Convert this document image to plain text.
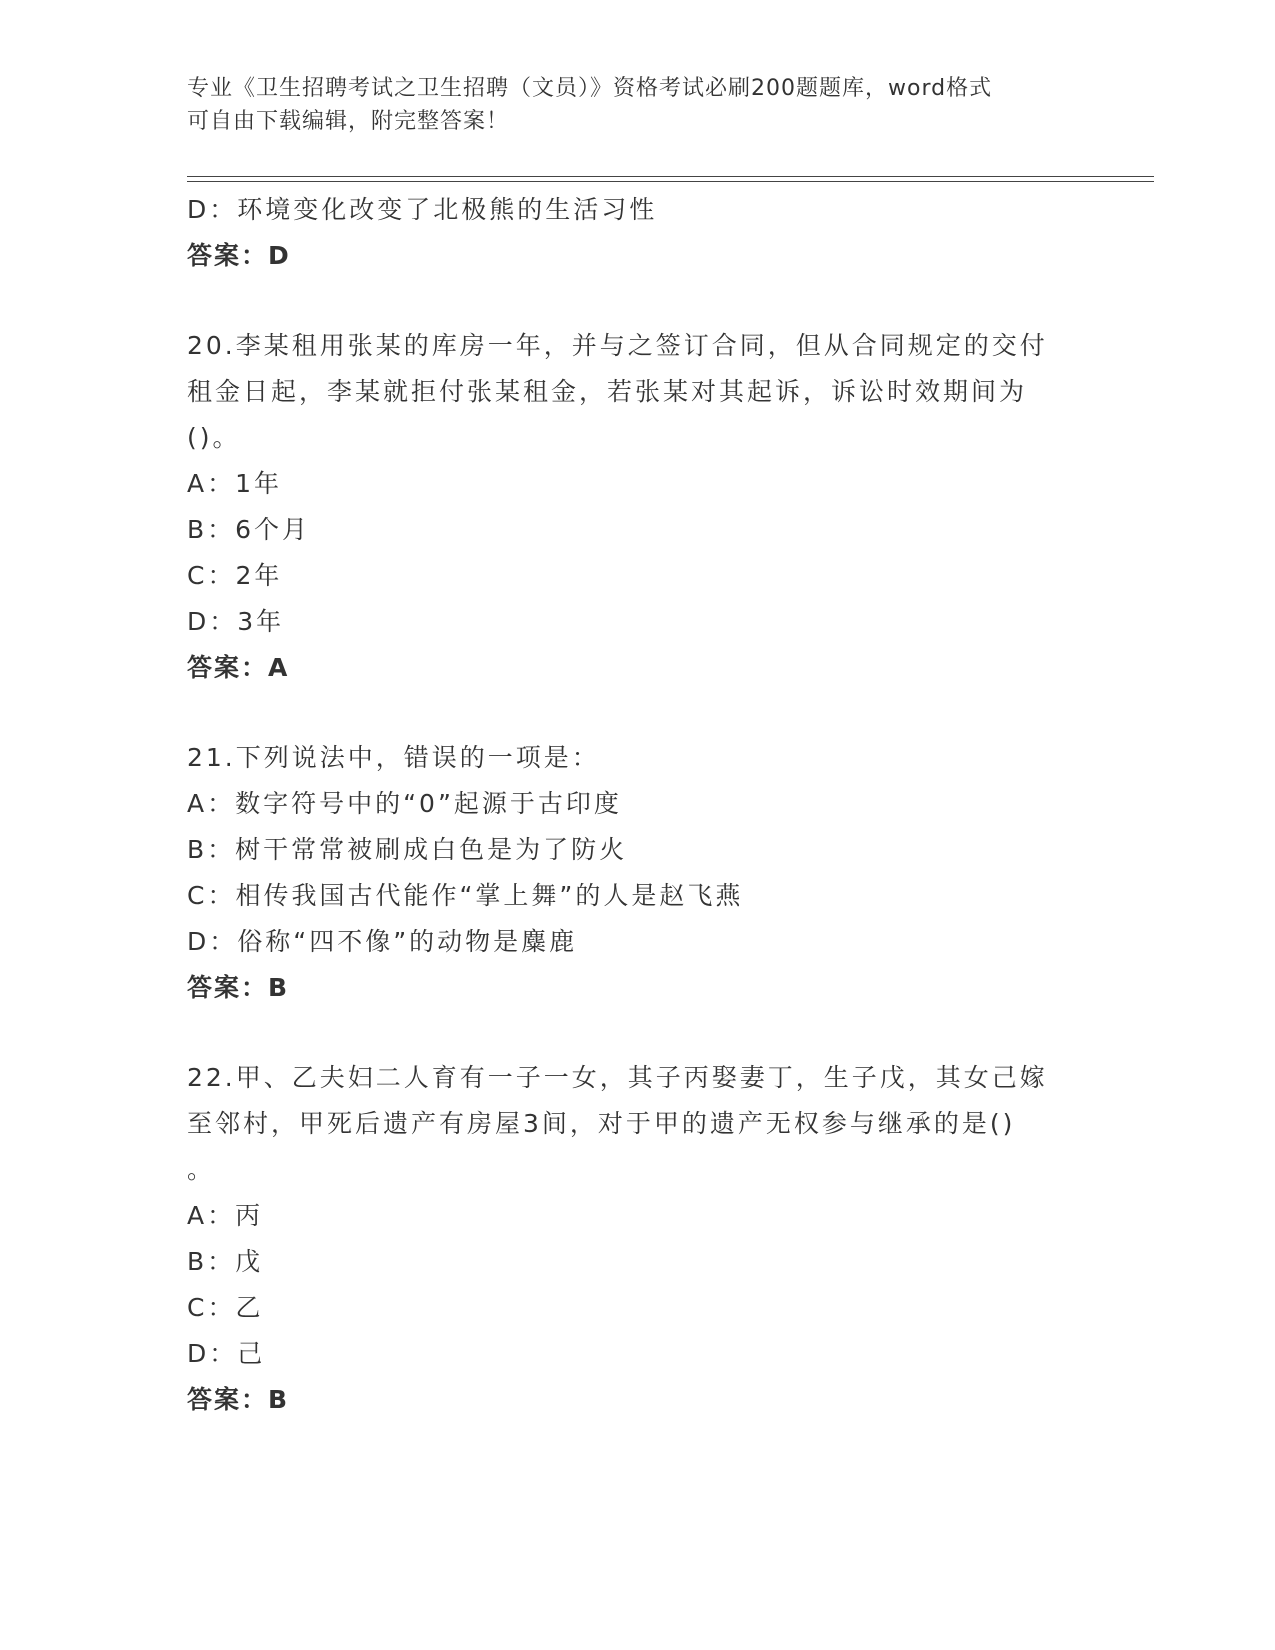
专业《卫生招聘考试之卫生招聘（文员）》资格考试必刷200题题库，word格式
可自由下载编辑，附完整答案！
D：环境变化改变了北极熊的生活习性
答案：D
20.李某租用张某的库房一年，并与之签订合同，但从合同规定的交付
租金日起，李某就拒付张某租金，若张某对其起诉，诉讼时效期间为
()。
A：1年
B：6个月
C：2年
D：3年
答案：A
21.下列说法中，错误的一项是：
A：数字符号中的“0”起源于古印度
B：树干常常被刷成白色是为了防火
C：相传我国古代能作“掌上舞”的人是赵飞燕
D：俗称“四不像”的动物是麋鹿
答案：B
22.甲、乙夫妇二人育有一子一女，其子丙娶妻丁，生子戊，其女己嫁
至邻村，甲死后遗产有房屋3间，对于甲的遗产无权参与继承的是()
。
A：丙
B：戊
C：乙
D：己
答案：B
